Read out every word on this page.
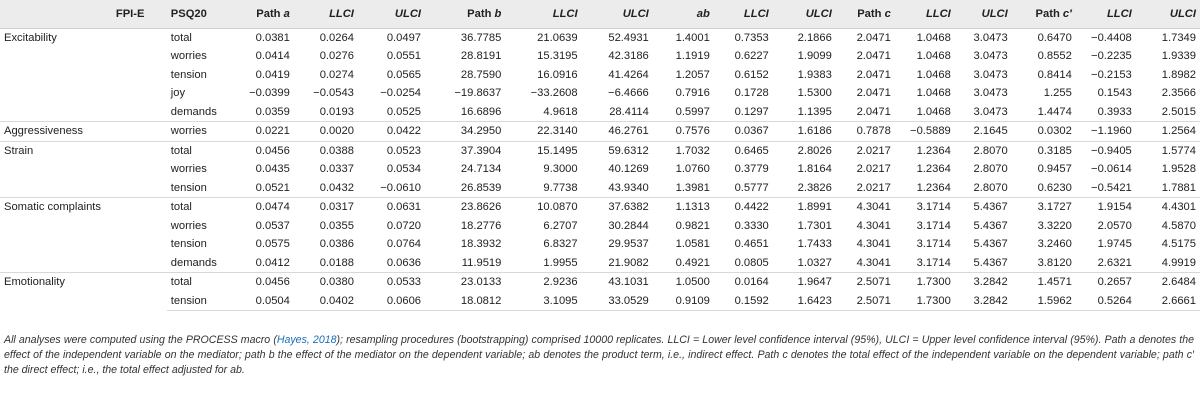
	FPI-E	PSQ20	Path a	LLCI	ULCI	Path b	LLCI	ULCI	ab	LLCI	ULCI	Path c	LLCI	ULCI	Path c′	LLCI	ULCI
Excitability		total	0.0381	0.0264	0.0497	36.7785	21.0639	52.4931	1.4001	0.7353	2.1866	2.0471	1.0468	3.0473	0.6470	−0.4408	1.7349
		worries	0.0414	0.0276	0.0551	28.8191	15.3195	42.3186	1.1919	0.6227	1.9099	2.0471	1.0468	3.0473	0.8552	−0.2235	1.9339
		tension	0.0419	0.0274	0.0565	28.7590	16.0916	41.4264	1.2057	0.6152	1.9383	2.0471	1.0468	3.0473	0.8414	−0.2153	1.8982
		joy	−0.0399	−0.0543	−0.0254	−19.8637	−33.2608	−6.4666	0.7916	0.1728	1.5300	2.0471	1.0468	3.0473	1.255	0.1543	2.3566
		demands	0.0359	0.0193	0.0525	16.6896	4.9618	28.4114	0.5997	0.1297	1.1395	2.0471	1.0468	3.0473	1.4474	0.3933	2.5015
Aggressiveness		worries	0.0221	0.0020	0.0422	34.2950	22.3140	46.2761	0.7576	0.0367	1.6186	0.7878	−0.5889	2.1645	0.0302	−1.1960	1.2564
Strain		total	0.0456	0.0388	0.0523	37.3904	15.1495	59.6312	1.7032	0.6465	2.8026	2.0217	1.2364	2.8070	0.3185	−0.9405	1.5774
		worries	0.0435	0.0337	0.0534	24.7134	9.3000	40.1269	1.0760	0.3779	1.8164	2.0217	1.2364	2.8070	0.9457	−0.0614	1.9528
		tension	0.0521	0.0432	−0.0610	26.8539	9.7738	43.9340	1.3981	0.5777	2.3826	2.0217	1.2364	2.8070	0.6230	−0.5421	1.7881
Somatic complaints		total	0.0474	0.0317	0.0631	23.8626	10.0870	37.6382	1.1313	0.4422	1.8991	4.3041	3.1714	5.4367	3.1727	1.9154	4.4301
		worries	0.0537	0.0355	0.0720	18.2776	6.2707	30.2844	0.9821	0.3330	1.7301	4.3041	3.1714	5.4367	3.3220	2.0570	4.5870
		tension	0.0575	0.0386	0.0764	18.3932	6.8327	29.9537	1.0581	0.4651	1.7433	4.3041	3.1714	5.4367	3.2460	1.9745	4.5175
		demands	0.0412	0.0188	0.0636	11.9519	1.9955	21.9082	0.4921	0.0805	1.0327	4.3041	3.1714	5.4367	3.8120	2.6321	4.9919
Emotionality		total	0.0456	0.0380	0.0533	23.0133	2.9236	43.1031	1.0500	0.0164	1.9647	2.5071	1.7300	3.2842	1.4571	0.2657	2.6484
		tension	0.0504	0.0402	0.0606	18.0812	3.1095	33.0529	0.9109	0.1592	1.6423	2.5071	1.7300	3.2842	1.5962	0.5264	2.6661
All analyses were computed using the PROCESS macro (Hayes, 2018); resampling procedures (bootstrapping) comprised 10000 replicates. LLCI = Lower level confidence interval (95%), ULCI = Upper level confidence interval (95%). Path a denotes the effect of the independent variable on the mediator; path b the effect of the mediator on the dependent variable; ab denotes the product term, i.e., indirect effect. Path c denotes the total effect of the independent variable on the dependent variable; path c′ the direct effect; i.e., the total effect adjusted for ab.
